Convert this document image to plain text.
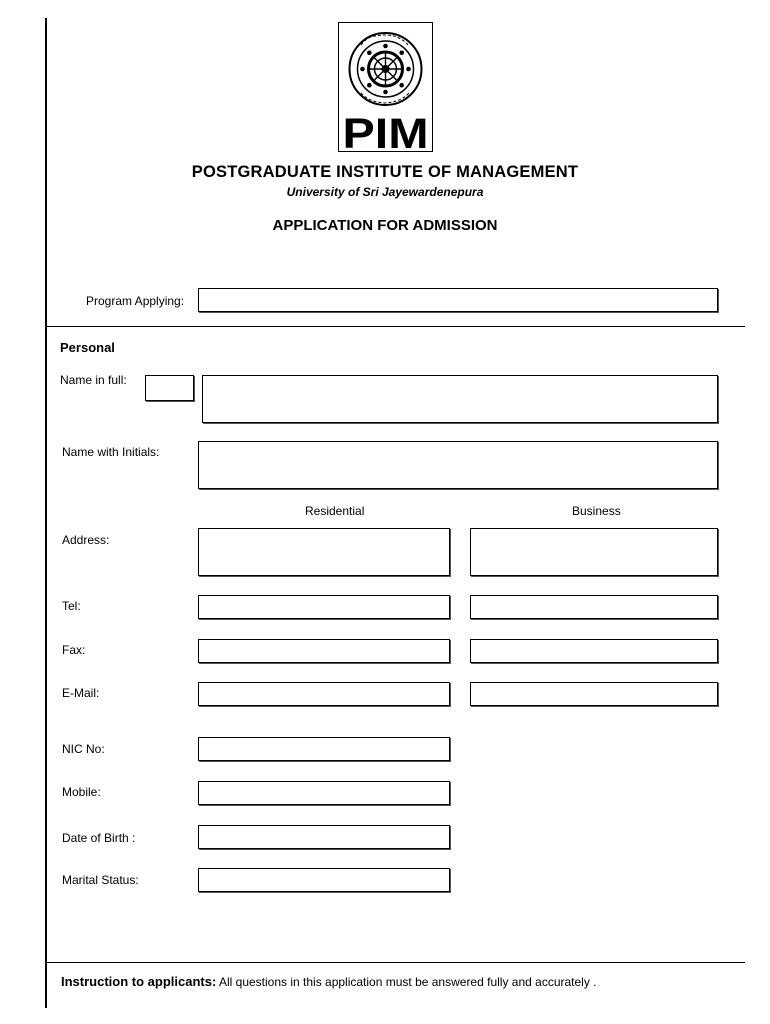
PIM
POSTGRADUATE INSTITUTE OF MANAGEMENT
University of Sri Jayewardenepura
APPLICATION FOR ADMISSION
Program Applying:
Personal
Name in full:
Name with Initials:
Residential	Business
Address:
Tel:
Fax:
E-Mail:
NIC No:
Mobile:
Date of Birth :
Marital Status:
Instruction to applicants: All questions in this application must be answered fully and accurately .
